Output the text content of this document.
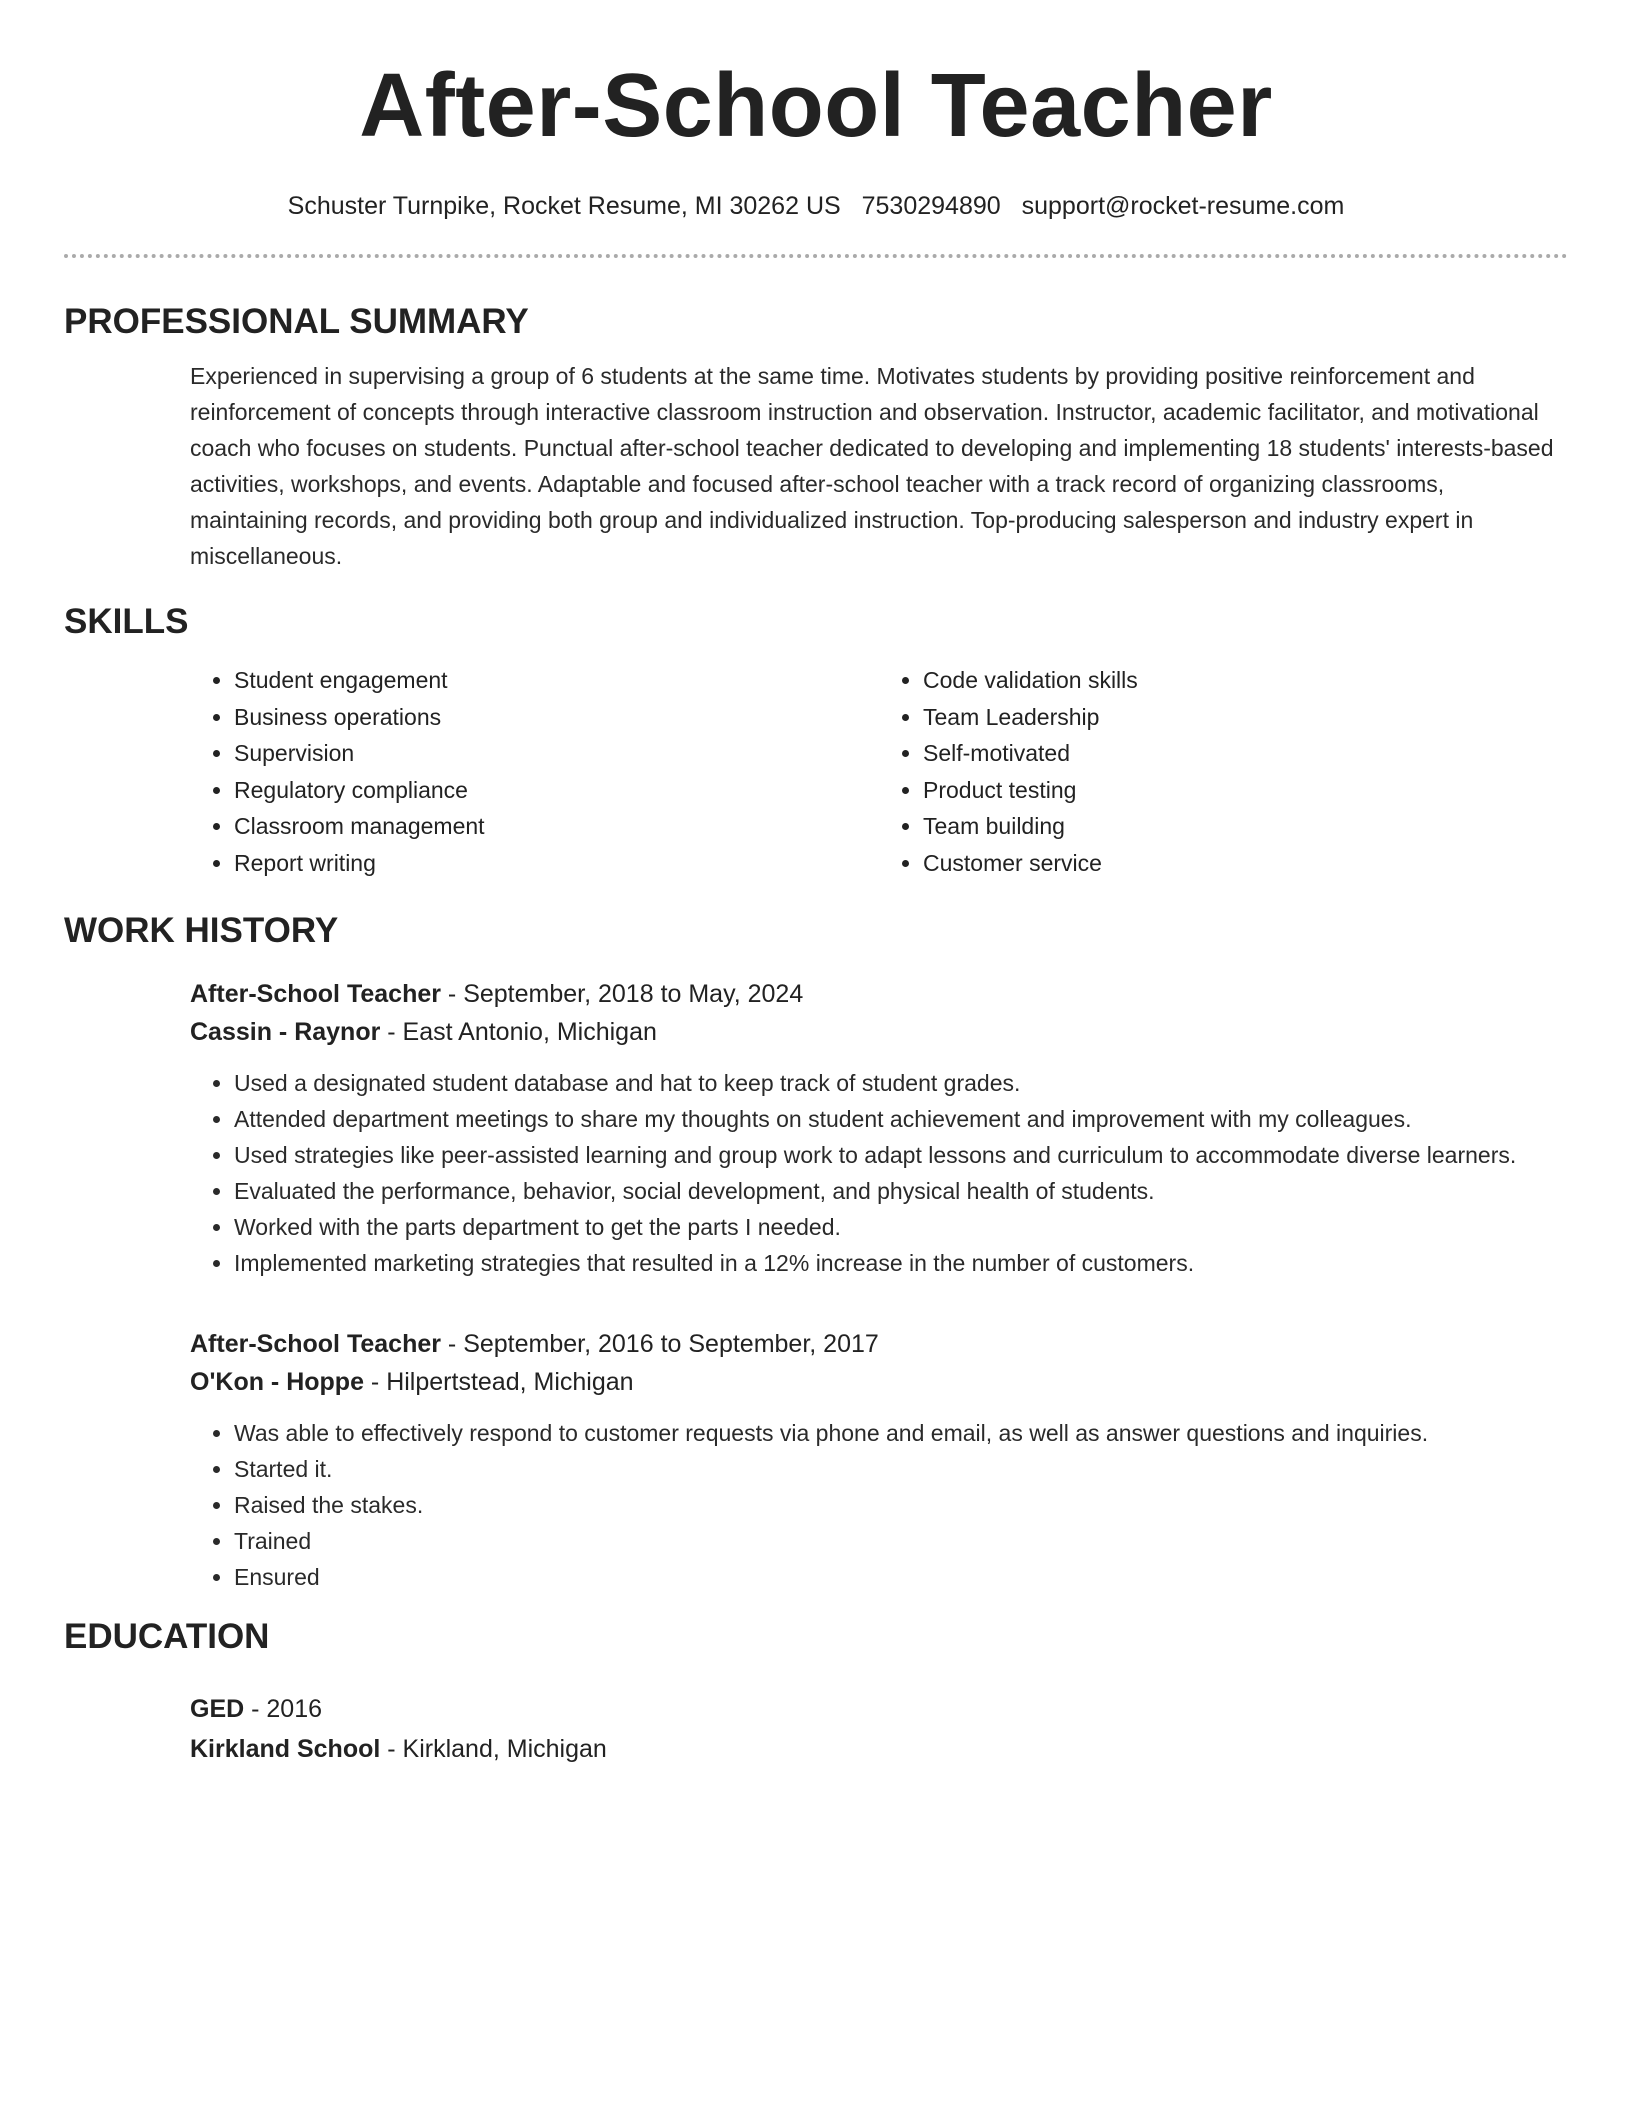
After-School Teacher
Schuster Turnpike, Rocket Resume, MI 30262 US 7530294890 support@rocket-resume.com
PROFESSIONAL SUMMARY

Experienced in supervising a group of 6 students at the same time. Motivates students by providing positive reinforcement and reinforcement of concepts through interactive classroom instruction and observation. Instructor, academic facilitator, and motivational coach who focuses on students. Punctual after-school teacher dedicated to developing and implementing 18 students' interests-based activities, workshops, and events. Adaptable and focused after-school teacher with a track record of organizing classrooms, maintaining records, and providing both group and individualized instruction. Top-producing salesperson and industry expert in miscellaneous.

SKILLS
• Student engagement
• Business operations
• Supervision
• Regulatory compliance
• Classroom management
• Report writing
• Code validation skills
• Team Leadership
• Self-motivated
• Product testing
• Team building
• Customer service
WORK HISTORY
After-School Teacher - September, 2018 to May, 2024
Cassin - Raynor - East Antonio, Michigan
• Used a designated student database and hat to keep track of student grades.
• Attended department meetings to share my thoughts on student achievement and improvement with my colleagues.
• Used strategies like peer-assisted learning and group work to adapt lessons and curriculum to accommodate diverse learners.
• Evaluated the performance, behavior, social development, and physical health of students.
• Worked with the parts department to get the parts I needed.
• Implemented marketing strategies that resulted in a 12% increase in the number of customers.
After-School Teacher - September, 2016 to September, 2017
O'Kon - Hoppe - Hilpertstead, Michigan
• Was able to effectively respond to customer requests via phone and email, as well as answer questions and inquiries.
• Started it.
• Raised the stakes.
• Trained
• Ensured
EDUCATION
GED - 2016
Kirkland School - Kirkland, Michigan
